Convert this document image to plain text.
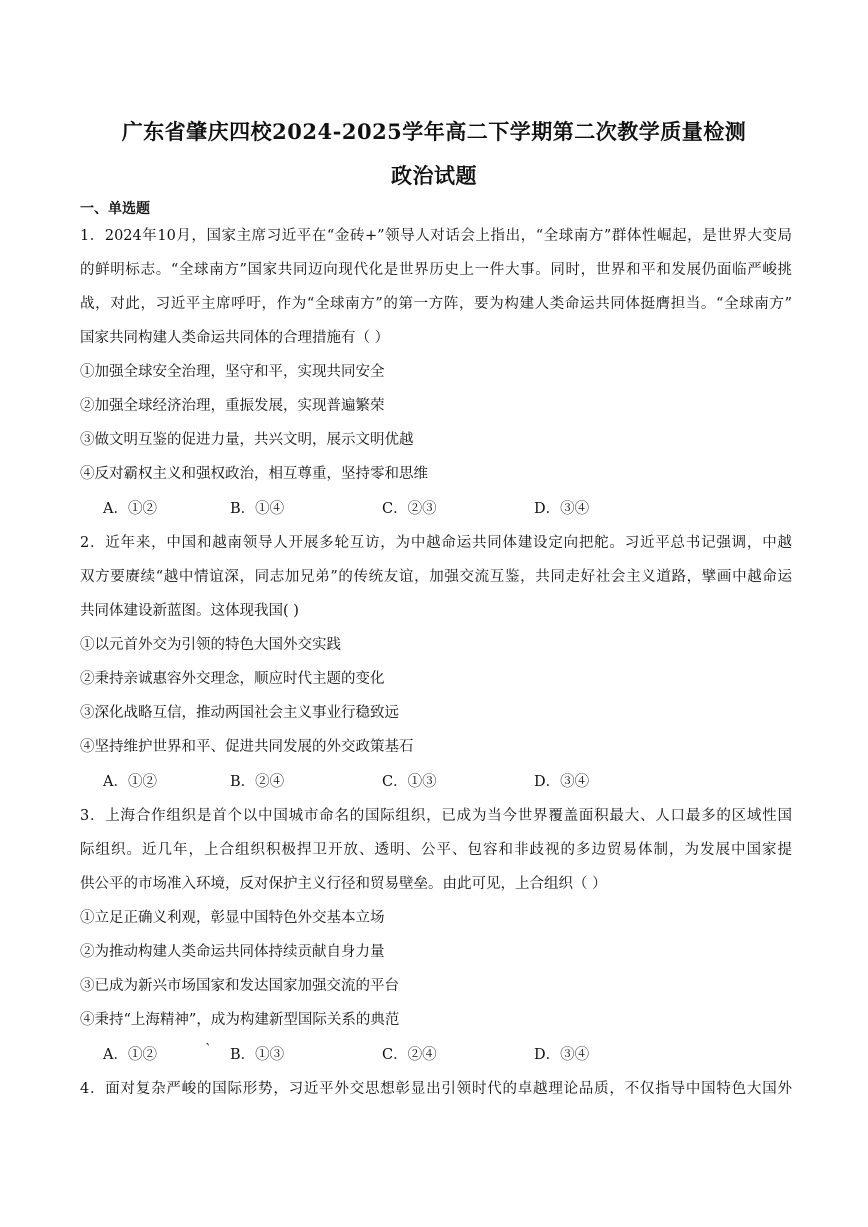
广东省肇庆四校2024-2025学年高二下学期第二次教学质量检测
政治试题
一、单选题
1．2024年10月，国家主席习近平在“金砖+”领导人对话会上指出，“全球南方”群体性崛起，是世界大变局
的鲜明标志。“全球南方”国家共同迈向现代化是世界历史上一件大事。同时，世界和平和发展仍面临严峻挑
战，对此，习近平主席呼吁，作为“全球南方”的第一方阵，要为构建人类命运共同体挺膺担当。“全球南方”
国家共同构建人类命运共同体的合理措施有（ ）
①加强全球安全治理，坚守和平，实现共同安全
②加强全球经济治理，重振发展，实现普遍繁荣
③做文明互鉴的促进力量，共兴文明，展示文明优越
④反对霸权主义和强权政治，相互尊重，坚持零和思维
A．①②	B．①④	C．②③	D．③④
2．近年来，中国和越南领导人开展多轮互访，为中越命运共同体建设定向把舵。习近平总书记强调，中越
双方要赓续“越中情谊深，同志加兄弟”的传统友谊，加强交流互鉴，共同走好社会主义道路，擘画中越命运
共同体建设新蓝图。这体现我国( )
①以元首外交为引领的特色大国外交实践
②秉持亲诚惠容外交理念，顺应时代主题的变化
③深化战略互信，推动两国社会主义事业行稳致远
④坚持维护世界和平、促进共同发展的外交政策基石
A．①②	B．②④	C．①③	D．③④
3．上海合作组织是首个以中国城市命名的国际组织，已成为当今世界覆盖面积最大、人口最多的区域性国
际组织。近几年，上合组织积极捍卫开放、透明、公平、包容和非歧视的多边贸易体制，为发展中国家提
供公平的市场准入环境，反对保护主义行径和贸易壁垒。由此可见，上合组织（ ）
①立足正确义利观，彰显中国特色外交基本立场
②为推动构建人类命运共同体持续贡献自身力量
③已成为新兴市场国家和发达国家加强交流的平台
④秉持“上海精神”，成为构建新型国际关系的典范
A．①②	` B．①③	C．②④	D．③④
4．面对复杂严峻的国际形势，习近平外交思想彰显出引领时代的卓越理论品质，不仅指导中国特色大国外
